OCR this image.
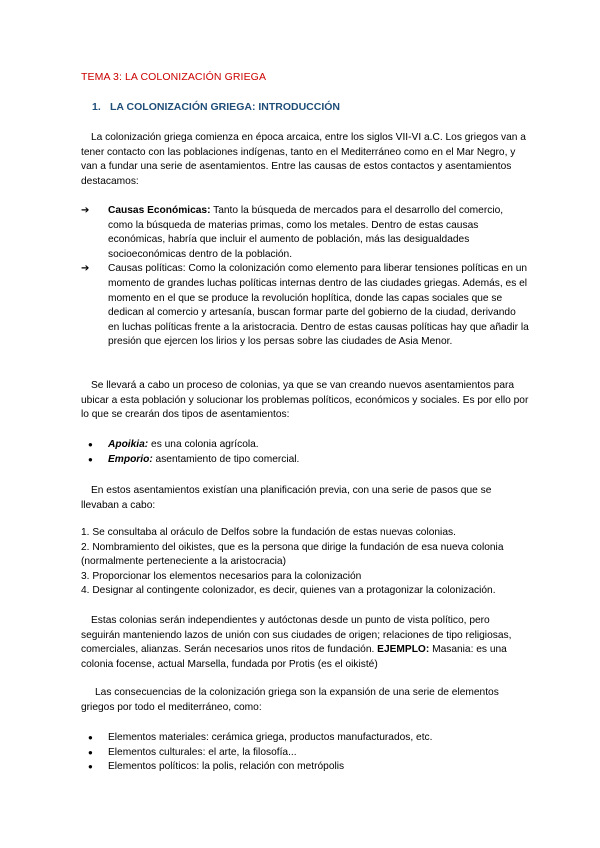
TEMA 3: LA COLONIZACIÓN GRIEGA
1. LA COLONIZACIÓN GRIEGA: INTRODUCCIÓN

La colonización griega comienza en época arcaica, entre los siglos VII-VI a.C. Los griegos van a tener contacto con las poblaciones indígenas, tanto en el Mediterráneo como en el Mar Negro, y van a fundar una serie de asentamientos. Entre las causas de estos contactos y asentamientos destacamos:

➔	Causas Económicas: Tanto la búsqueda de mercados para el desarrollo del comercio, como la búsqueda de materias primas, como los metales. Dentro de estas causas económicas, habría que incluir el aumento de población, más las desigualdades socioeconómicas dentro de la población.
➔	Causas políticas: Como la colonización como elemento para liberar tensiones políticas en un momento de grandes luchas políticas internas dentro de las ciudades griegas. Además, es el momento en el que se produce la revolución hoplítica, donde las capas sociales que se dedican al comercio y artesanía, buscan formar parte del gobierno de la ciudad, derivando en luchas políticas frente a la aristocracia. Dentro de estas causas políticas hay que añadir la presión que ejercen los lirios y los persas sobre las ciudades de Asia Menor.

Se llevará a cabo un proceso de colonias, ya que se van creando nuevos asentamientos para ubicar a esta población y solucionar los problemas políticos, económicos y sociales. Es por ello por lo que se crearán dos tipos de asentamientos:

● Apoikia: es una colonia agrícola.
● Emporio: asentamiento de tipo comercial.

En estos asentamientos existían una planificación previa, con una serie de pasos que se llevaban a cabo:

1. Se consultaba al oráculo de Delfos sobre la fundación de estas nuevas colonias.
2. Nombramiento del oikistes, que es la persona que dirige la fundación de esa nueva colonia (normalmente perteneciente a la aristocracia)
3. Proporcionar los elementos necesarios para la colonización
4. Designar al contingente colonizador, es decir, quienes van a protagonizar la colonización.

Estas colonias serán independientes y autóctonas desde un punto de vista político, pero seguirán manteniendo lazos de unión con sus ciudades de origen; relaciones de tipo religiosas, comerciales, alianzas. Serán necesarios unos ritos de fundación. EJEMPLO: Masania: es una colonia focense, actual Marsella, fundada por Protis (es el oikisté)

Las consecuencias de la colonización griega son la expansión de una serie de elementos griegos por todo el mediterráneo, como:

● Elementos materiales: cerámica griega, productos manufacturados, etc.
● Elementos culturales: el arte, la filosofía...
● Elementos políticos: la polis, relación con metrópolis
